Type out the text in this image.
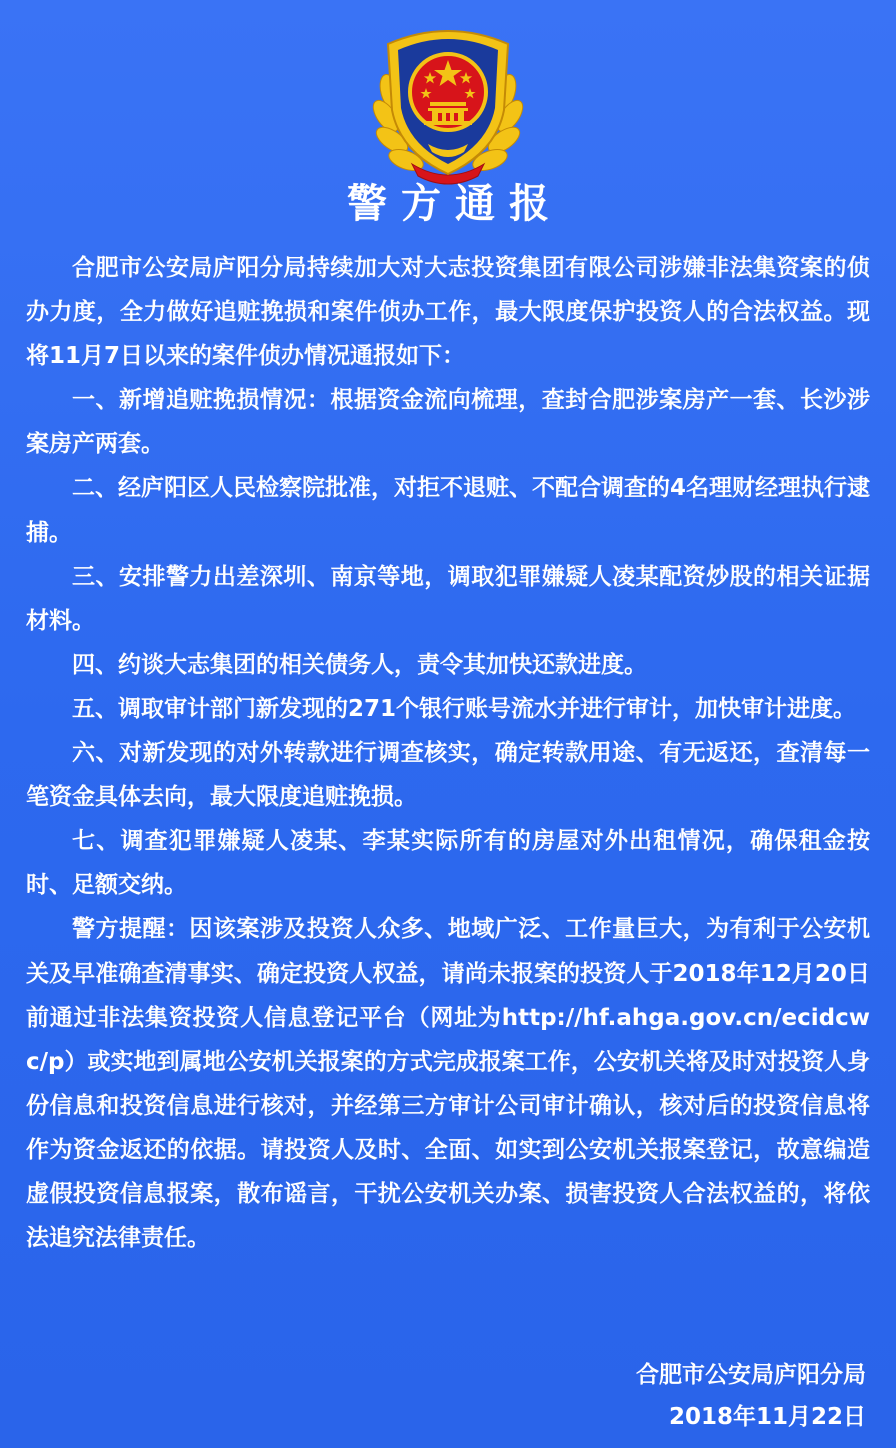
警方通报

合肥市公安局庐阳分局持续加大对大志投资集团有限公司涉嫌非法集资案的侦办力度，全力做好追赃挽损和案件侦办工作，最大限度保护投资人的合法权益。现将11月7日以来的案件侦办情况通报如下：

一、新增追赃挽损情况：根据资金流向梳理，查封合肥涉案房产一套、长沙涉案房产两套。

二、经庐阳区人民检察院批准，对拒不退赃、不配合调查的4名理财经理执行逮捕。

三、安排警力出差深圳、南京等地，调取犯罪嫌疑人凌某配资炒股的相关证据材料。

四、约谈大志集团的相关债务人，责令其加快还款进度。

五、调取审计部门新发现的271个银行账号流水并进行审计，加快审计进度。

六、对新发现的对外转款进行调查核实，确定转款用途、有无返还，查清每一笔资金具体去向，最大限度追赃挽损。

七、调查犯罪嫌疑人凌某、李某实际所有的房屋对外出租情况，确保租金按时、足额交纳。

警方提醒：因该案涉及投资人众多、地域广泛、工作量巨大，为有利于公安机关及早准确查清事实、确定投资人权益，请尚未报案的投资人于2018年12月20日前通过非法集资投资人信息登记平台（网址为http://hf.ahga.gov.cn/ecidcwc/p）或实地到属地公安机关报案的方式完成报案工作，公安机关将及时对投资人身份信息和投资信息进行核对，并经第三方审计公司审计确认，核对后的投资信息将作为资金返还的依据。请投资人及时、全面、如实到公安机关报案登记，故意编造虚假投资信息报案，散布谣言，干扰公安机关办案、损害投资人合法权益的，将依法追究法律责任。

合肥市公安局庐阳分局
2018年11月22日
